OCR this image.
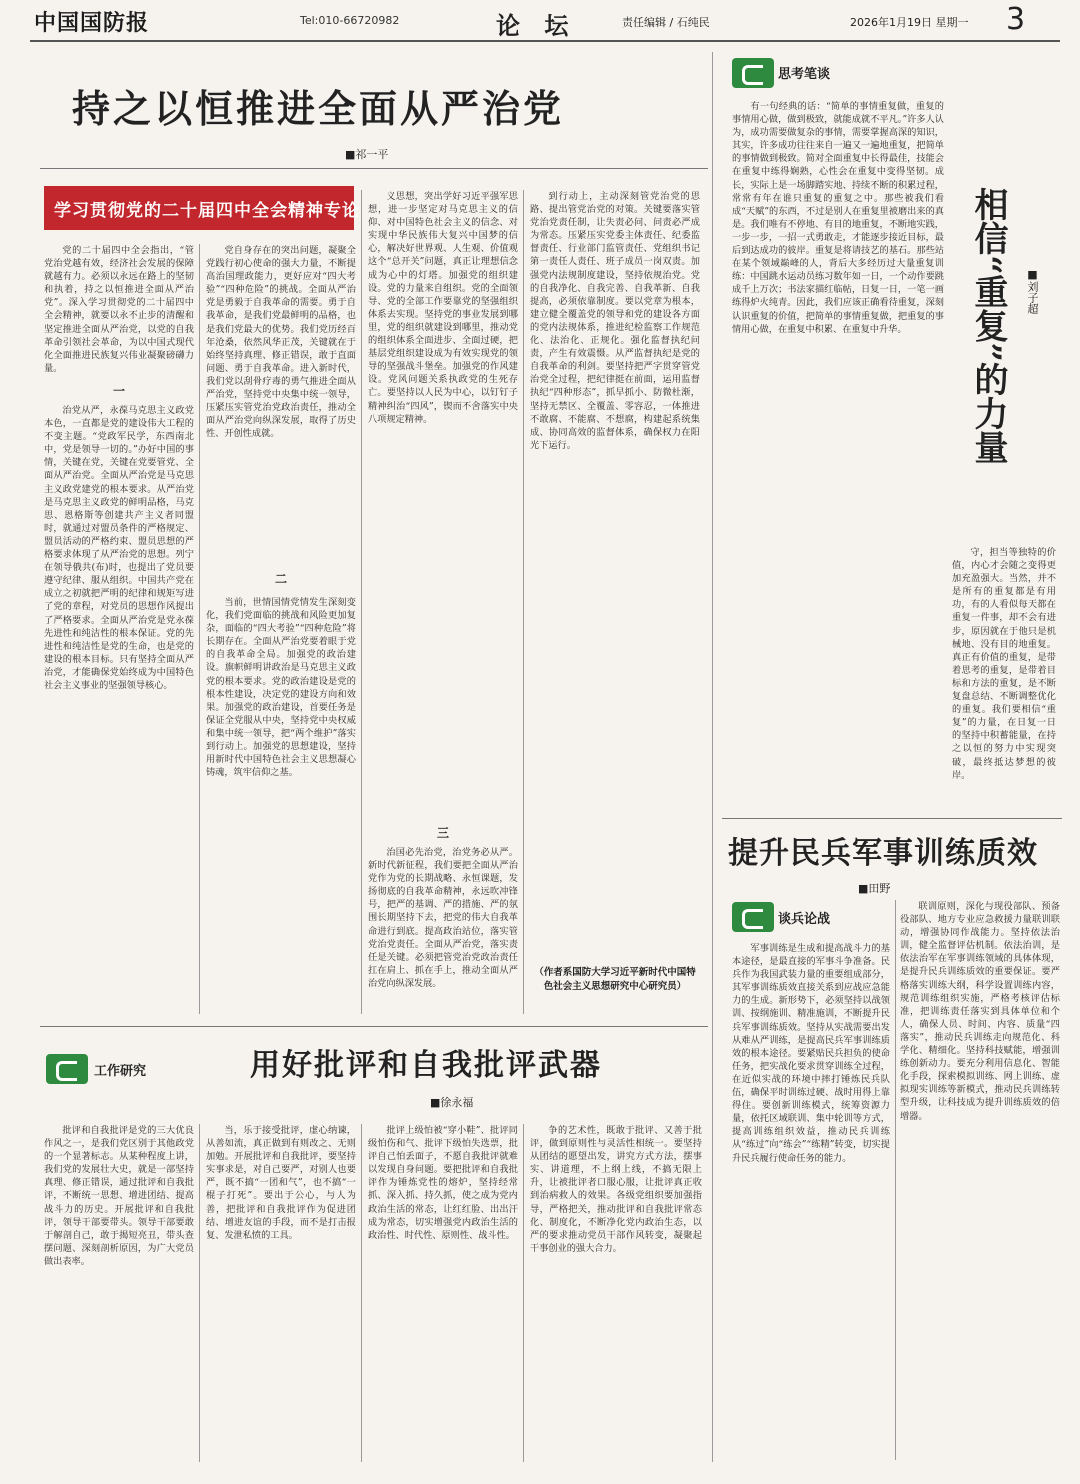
中国国防报	Tel:010-66720982	论 坛	责任编辑 / 石纯民	2026年1月19日 星期一 3
持之以恒推进全面从严治党
■祁一平
学习贯彻党的二十届四中全会精神专论
党的二十届四中全会指出，“管党治党越有效，经济社会发展的保障就越有力。必须以永远在路上的坚韧和执着，持之以恒推进全面从严治党”。深入学习贯彻党的二十届四中全会精神，就要以永不止步的清醒和坚定推进全面从严治党，以党的自我革命引领社会革命，为以中国式现代化全面推进民族复兴伟业凝聚磅礴力量。
一
治党从严，永葆马克思主义政党本色，一直都是党的建设伟大工程的不变主题。“党政军民学，东西南北中，党是领导一切的。”办好中国的事情，关键在党，关键在党要管党、全面从严治党。全面从严治党是马克思主义政党建党的根本要求。从严治党是马克思主义政党的鲜明品格，马克思、恩格斯等创建共产主义者同盟时，就通过对盟员条件的严格规定、盟员活动的严格约束、盟员思想的严格要求体现了从严治党的思想。列宁在领导俄共(布)时，也提出了党员要遵守纪律、服从组织。中国共产党在成立之初就把严明的纪律和规矩写进了党的章程，对党员的思想作风提出了严格要求。全面从严治党是党永葆先进性和纯洁性的根本保证。党的先进性和纯洁性是党的生命，也是党的建设的根本目标。只有坚持全面从严治党，才能确保党始终成为中国特色社会主义事业的坚强领导核心。
党自身存在的突出问题，凝聚全党践行初心使命的强大力量，不断提高治国理政能力，更好应对“四大考验”“四种危险”的挑战。全面从严治党是勇毅于自我革命的需要。勇于自我革命，是我们党最鲜明的品格，也是我们党最大的优势。我们党历经百年沧桑，依然风华正茂，关键就在于始终坚持真理、修正错误，敢于直面问题、勇于自我革命。进入新时代，我们党以刮骨疗毒的勇气推进全面从严治党，坚持党中央集中统一领导，压紧压实管党治党政治责任，推动全面从严治党向纵深发展，取得了历史性、开创性成就。
二
当前，世情国情党情发生深刻变化，我们党面临的挑战和风险更加复杂，面临的“四大考验”“四种危险”将长期存在。全面从严治党要着眼于党的自我革命全局。加强党的政治建设。旗帜鲜明讲政治是马克思主义政党的根本要求。党的政治建设是党的根本性建设，决定党的建设方向和效果。加强党的政治建设，首要任务是保证全党服从中央，坚持党中央权威和集中统一领导，把“两个维护”落实到行动上。加强党的思想建设，坚持用新时代中国特色社会主义思想凝心铸魂，筑牢信仰之基。
义思想，突出学好习近平强军思想，进一步坚定对马克思主义的信仰、对中国特色社会主义的信念、对实现中华民族伟大复兴中国梦的信心，解决好世界观、人生观、价值观这个“总开关”问题，真正让理想信念成为心中的灯塔。加强党的组织建设。党的力量来自组织。党的全面领导、党的全部工作要靠党的坚强组织体系去实现。坚持党的事业发展到哪里，党的组织就建设到哪里，推动党的组织体系全面进步、全面过硬，把基层党组织建设成为有效实现党的领导的坚强战斗堡垒。加强党的作风建设。党风问题关系执政党的生死存亡。要坚持以人民为中心，以钉钉子精神纠治“四风”，锲而不舍落实中央八项规定精神。
三
治国必先治党，治党务必从严。新时代新征程，我们要把全面从严治党作为党的长期战略、永恒课题，发扬彻底的自我革命精神，永远吹冲锋号，把严的基调、严的措施、严的氛围长期坚持下去，把党的伟大自我革命进行到底。提高政治站位，落实管党治党责任。全面从严治党，落实责任是关键。必须把管党治党政治责任扛在肩上、抓在手上，推动全面从严治党向纵深发展。
到行动上，主动深刻管党治党的思路、提出管党治党的对策。关键要落实管党治党责任制，让失责必问、问责必严成为常态。压紧压实党委主体责任、纪委监督责任、行业部门监管责任、党组织书记第一责任人责任、班子成员一岗双责。加强党内法规制度建设，坚持依规治党。党的自我净化、自我完善、自我革新、自我提高，必须依靠制度。要以党章为根本，建立健全覆盖党的领导和党的建设各方面的党内法规体系，推进纪检监察工作规范化、法治化、正规化。强化监督执纪问责，产生有效震慑。从严监督执纪是党的自我革命的利剑。要坚持把严字贯穿管党治党全过程，把纪律挺在前面，运用监督执纪“四种形态”，抓早抓小、防微杜渐，坚持无禁区、全覆盖、零容忍，一体推进不敢腐、不能腐、不想腐，构建起系统集成、协同高效的监督体系，确保权力在阳光下运行。
（作者系国防大学习近平新时代中国特色社会主义思想研究中心研究员）
思考笔谈
有一句经典的话：“简单的事情重复做，重复的事情用心做，做到极致，就能成就不平凡。”许多人认为，成功需要做复杂的事情，需要掌握高深的知识，其实，许多成功往往来自一遍又一遍地重复，把简单的事情做到极致。简对全面重复中长得最佳，技能会在重复中练得娴熟，心性会在重复中变得坚韧。成长，实际上是一场脚踏实地、持续不断的积累过程，常常有年在谁只重复的重复之中。那些被我们看成“天赋”的东西，不过是别人在重复里被磨出来的真是。我们唯有不停地、有目的地重复，不断地实践，一步一步，一招一式勇敢走，才能逐步接近目标，最后到达成功的彼岸。重复是将请技艺的基石。那些站在某个领域巅峰的人，背后大多经历过大量重复训练：中国跳水运动员练习数年如一日，一个动作要跳成千上万次；书法家描红临帖，日复一日，一笔一画练得炉火纯青。因此，我们应该正确看待重复，深刻认识重复的价值，把简单的事情重复做，把重复的事情用心做，在重复中积累、在重复中升华。	相信“重复”的力量 ■刘子超
守，担当等独特的价值，内心才会随之变得更加充盈强大。当然，并不是所有的重复都是有用功，有的人看似每天都在重复一件事，却不会有进步，原因就在于他只是机械地、没有目的地重复。真正有价值的重复，是带着思考的重复，是带着目标和方法的重复，是不断复盘总结、不断调整优化的重复。我们要相信“重复”的力量，在日复一日的坚持中积蓄能量，在持之以恒的努力中实现突破，最终抵达梦想的彼岸。
提升民兵军事训练质效
■田野
谈兵论战
军事训练是生成和提高战斗力的基本途径，是最直接的军事斗争准备。民兵作为我国武装力量的重要组成部分，其军事训练质效直接关系到应战应急能力的生成。新形势下，必须坚持以战领训、按纲施训、精准施训，不断提升民兵军事训练质效。坚持从实战需要出发从难从严训练，是提高民兵军事训练质效的根本途径。要紧贴民兵担负的使命任务，把实战化要求贯穿训练全过程，在近似实战的环境中摔打锤炼民兵队伍，确保平时训练过硬、战时用得上靠得住。要创新训练模式，统筹资源力量，依托区域联训、集中轮训等方式，提高训练组织效益，推动民兵训练从“练过”向“练会”“练精”转变，切实提升民兵履行使命任务的能力。
联训原则，深化与现役部队、预备役部队、地方专业应急救援力量联训联动，增强协同作战能力。坚持依法治训，健全监督评估机制。依法治训，是依法治军在军事训练领域的具体体现，是提升民兵训练质效的重要保证。要严格落实训练大纲，科学设置训练内容，规范训练组织实施，严格考核评估标准，把训练责任落实到具体单位和个人，确保人员、时间、内容、质量“四落实”，推动民兵训练走向规范化、科学化、精细化。坚持科技赋能，增强训练创新动力。要充分利用信息化、智能化手段，探索模拟训练、网上训练、虚拟现实训练等新模式，推动民兵训练转型升级，让科技成为提升训练质效的倍增器。
工作研究	用好批评和自我批评武器
■徐永福
批评和自我批评是党的三大优良作风之一，是我们党区别于其他政党的一个显著标志。从某种程度上讲，我们党的发展壮大史，就是一部坚持真理、修正错误，通过批评和自我批评，不断统一思想、增进团结、提高战斗力的历史。开展批评和自我批评，领导干部要带头。领导干部要敢于解剖自己，敢于揭短亮丑，带头查摆问题、深刻剖析原因，为广大党员做出表率。
当，乐于接受批评，虚心纳谏，从善如流，真正做到有则改之、无则加勉。开展批评和自我批评，要坚持实事求是，对自己要严，对别人也要严，既不搞“一团和气”，也不搞“一棍子打死”。要出于公心，与人为善，把批评和自我批评作为促进团结、增进友谊的手段，而不是打击报复、发泄私愤的工具。
批评上级怕被“穿小鞋”、批评同级怕伤和气、批评下级怕失选票，批评自己怕丢面子，不愿自我批评就难以发现自身问题。要把批评和自我批评作为锤炼党性的熔炉，坚持经常抓、深入抓、持久抓，使之成为党内政治生活的常态，让红红脸、出出汗成为常态，切实增强党内政治生活的政治性、时代性、原则性、战斗性。
争的艺术性，既敢于批评、又善于批评，做到原则性与灵活性相统一。要坚持从团结的愿望出发，讲究方式方法，摆事实、讲道理，不上纲上线，不搞无限上升，让被批评者口服心服，让批评真正收到治病救人的效果。各级党组织要加强指导，严格把关，推动批评和自我批评常态化、制度化，不断净化党内政治生态，以严的要求推动党员干部作风转变，凝聚起干事创业的强大合力。
